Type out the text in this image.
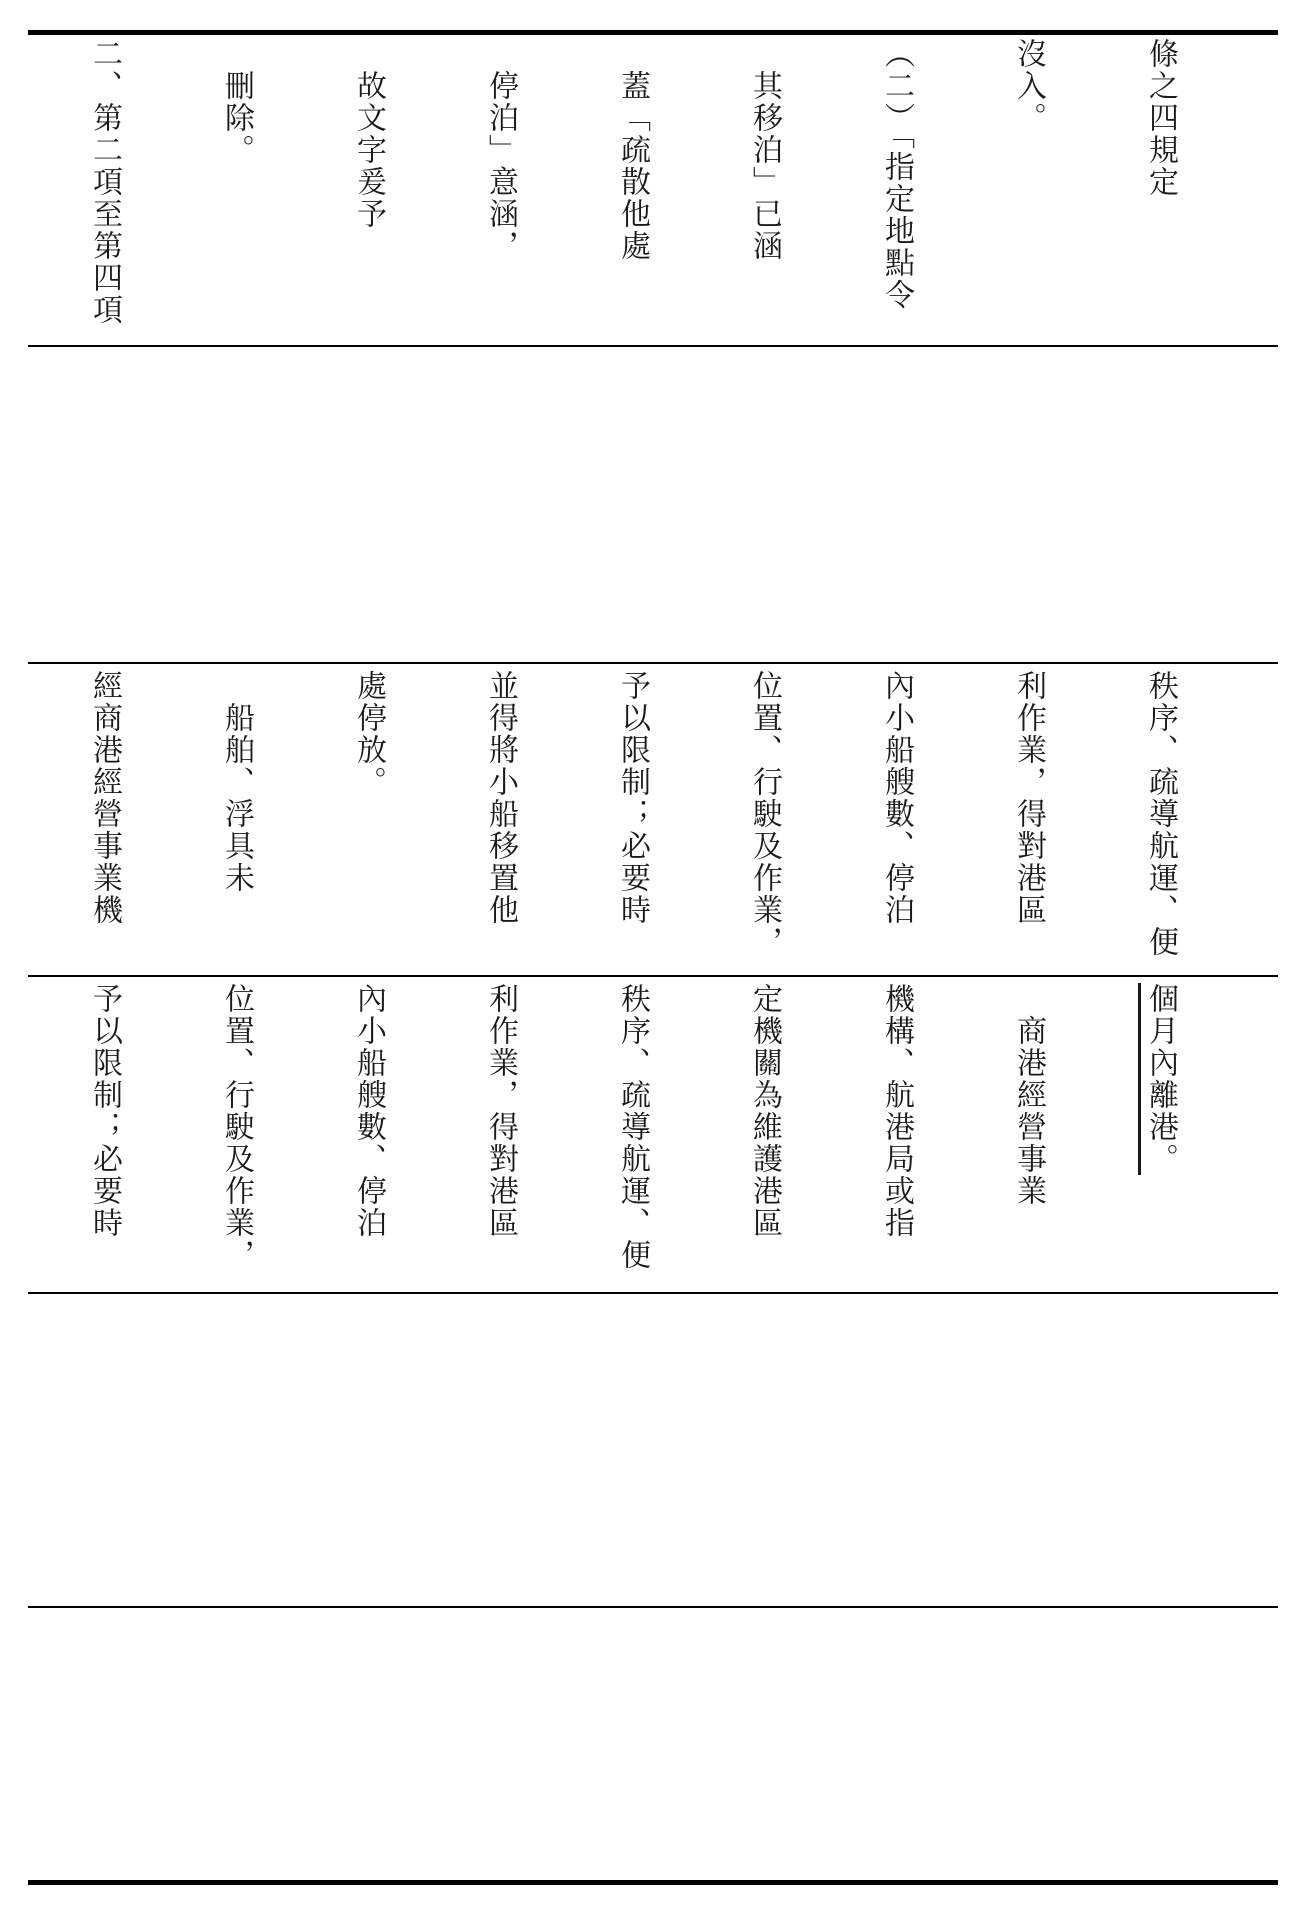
條之四規定

沒入。

（二）「指定地點令

　其移泊」已涵

　蓋「疏散他處

　停泊」意涵，

　故文字爰予

　刪除。

二、第二項至第四項

秩序、疏導航運、便

利作業，得對港區

內小船艘數、停泊

位置、行駛及作業，

予以限制；必要時

並得將小船移置他

處停放。

　船舶、浮具未

經商港經營事業機

個月內離港。

　商港經營事業

機構、航港局或指

定機關為維護港區

秩序、疏導航運、便

利作業，得對港區

內小船艘數、停泊

位置、行駛及作業，

予以限制；必要時
